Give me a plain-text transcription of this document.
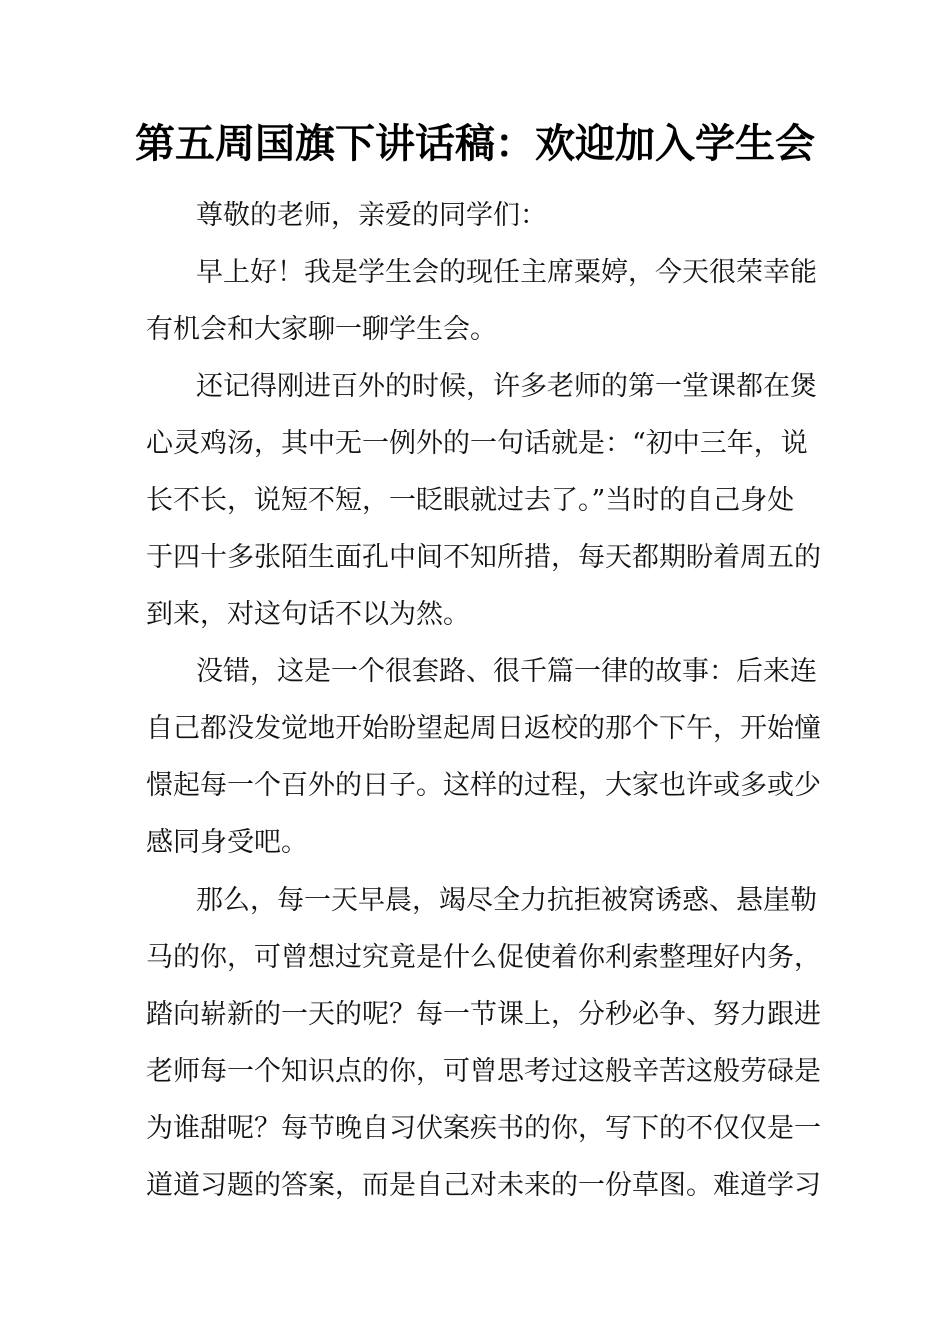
第五周国旗下讲话稿：欢迎加入学生会
尊敬的老师，亲爱的同学们：
早上好！我是学生会的现任主席粟婷，今天很荣幸能
有机会和大家聊一聊学生会。
还记得刚进百外的时候，许多老师的第一堂课都在煲
心灵鸡汤，其中无一例外的一句话就是：“初中三年，说
长不长，说短不短，一眨眼就过去了。”当时的自己身处
于四十多张陌生面孔中间不知所措，每天都期盼着周五的
到来，对这句话不以为然。
没错，这是一个很套路、很千篇一律的故事：后来连
自己都没发觉地开始盼望起周日返校的那个下午，开始憧
憬起每一个百外的日子。这样的过程，大家也许或多或少
感同身受吧。
那么，每一天早晨，竭尽全力抗拒被窝诱惑、悬崖勒
马的你，可曾想过究竟是什么促使着你利索整理好内务，
踏向崭新的一天的呢？每一节课上，分秒必争、努力跟进
老师每一个知识点的你，可曾思考过这般辛苦这般劳碌是
为谁甜呢？每节晚自习伏案疾书的你，写下的不仅仅是一
道道习题的答案，而是自己对未来的一份草图。难道学习
